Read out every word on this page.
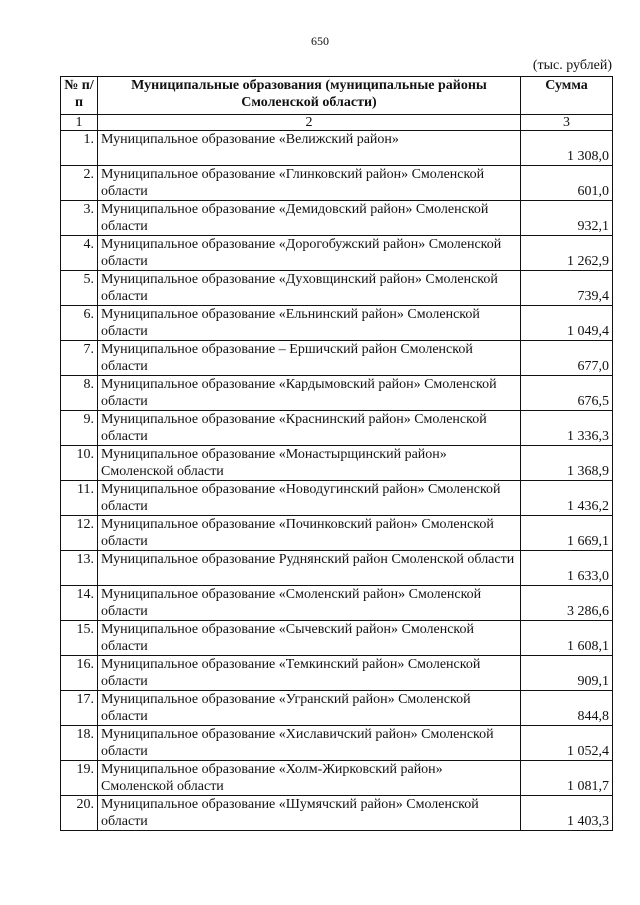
650
(тыс. рублей)
№ п/п	Муниципальные образования (муниципальные районы Смоленской области)	Сумма
1	2	3
1.	Муниципальное образование «Велижский район»	1 308,0
2.	Муниципальное образование «Глинковский район» Смоленской области	601,0
3.	Муниципальное образование «Демидовский район» Смоленской области	932,1
4.	Муниципальное образование «Дорогобужский район» Смоленской области	1 262,9
5.	Муниципальное образование «Духовщинский район» Смоленской области	739,4
6.	Муниципальное образование «Ельнинский район» Смоленской области	1 049,4
7.	Муниципальное образование – Ершичский район Смоленской области	677,0
8.	Муниципальное образование «Кардымовский район» Смоленской области	676,5
9.	Муниципальное образование «Краснинский район» Смоленской области	1 336,3
10.	Муниципальное образование «Монастырщинский район» Смоленской области	1 368,9
11.	Муниципальное образование «Новодугинский район» Смоленской области	1 436,2
12.	Муниципальное образование «Починковский район» Смоленской области	1 669,1
13.	Муниципальное образование Руднянский район Смоленской области	1 633,0
14.	Муниципальное образование «Смоленский район» Смоленской области	3 286,6
15.	Муниципальное образование «Сычевский район» Смоленской области	1 608,1
16.	Муниципальное образование «Темкинский район» Смоленской области	909,1
17.	Муниципальное образование «Угранский район» Смоленской области	844,8
18.	Муниципальное образование «Хиславичский район» Смоленской области	1 052,4
19.	Муниципальное образование «Холм-Жирковский район» Смоленской области	1 081,7
20.	Муниципальное образование «Шумячский район» Смоленской области	1 403,3
